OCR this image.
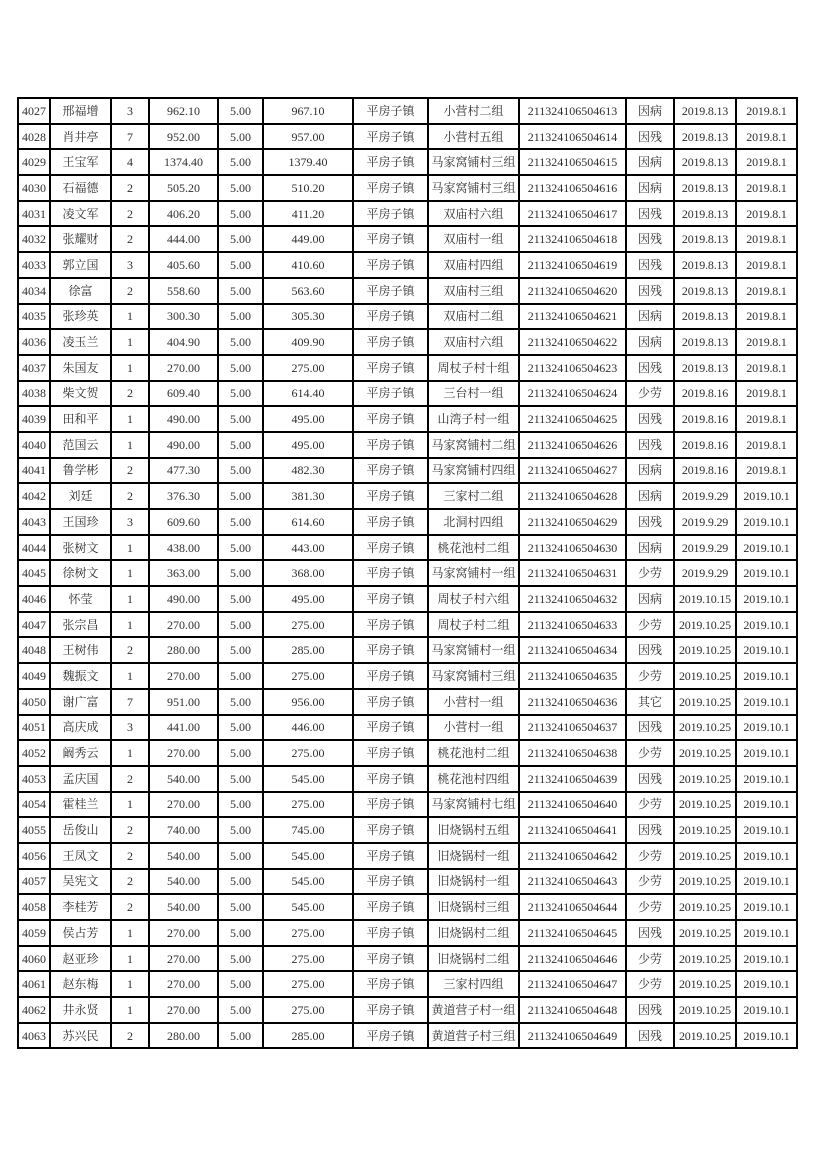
4027	邢福增	3	962.10	5.00	967.10	平房子镇	小营村二组	211324106504613	因病	2019.8.13	2019.8.1
4028	肖井亭	7	952.00	5.00	957.00	平房子镇	小营村五组	211324106504614	因残	2019.8.13	2019.8.1
4029	王宝军	4	1374.40	5.00	1379.40	平房子镇	马家窝铺村三组	211324106504615	因病	2019.8.13	2019.8.1
4030	石福德	2	505.20	5.00	510.20	平房子镇	马家窝铺村三组	211324106504616	因病	2019.8.13	2019.8.1
4031	凌文军	2	406.20	5.00	411.20	平房子镇	双庙村六组	211324106504617	因残	2019.8.13	2019.8.1
4032	张耀财	2	444.00	5.00	449.00	平房子镇	双庙村一组	211324106504618	因残	2019.8.13	2019.8.1
4033	郭立国	3	405.60	5.00	410.60	平房子镇	双庙村四组	211324106504619	因残	2019.8.13	2019.8.1
4034	徐富	2	558.60	5.00	563.60	平房子镇	双庙村三组	211324106504620	因残	2019.8.13	2019.8.1
4035	张珍英	1	300.30	5.00	305.30	平房子镇	双庙村二组	211324106504621	因病	2019.8.13	2019.8.1
4036	凌玉兰	1	404.90	5.00	409.90	平房子镇	双庙村六组	211324106504622	因病	2019.8.13	2019.8.1
4037	朱国友	1	270.00	5.00	275.00	平房子镇	周杖子村十组	211324106504623	因残	2019.8.13	2019.8.1
4038	柴文贺	2	609.40	5.00	614.40	平房子镇	三台村一组	211324106504624	少劳	2019.8.16	2019.8.1
4039	田和平	1	490.00	5.00	495.00	平房子镇	山湾子村一组	211324106504625	因残	2019.8.16	2019.8.1
4040	范国云	1	490.00	5.00	495.00	平房子镇	马家窝铺村二组	211324106504626	因残	2019.8.16	2019.8.1
4041	鲁学彬	2	477.30	5.00	482.30	平房子镇	马家窝铺村四组	211324106504627	因病	2019.8.16	2019.8.1
4042	刘廷	2	376.30	5.00	381.30	平房子镇	三家村二组	211324106504628	因病	2019.9.29	2019.10.1
4043	王国珍	3	609.60	5.00	614.60	平房子镇	北洞村四组	211324106504629	因残	2019.9.29	2019.10.1
4044	张树文	1	438.00	5.00	443.00	平房子镇	桃花池村二组	211324106504630	因病	2019.9.29	2019.10.1
4045	徐树文	1	363.00	5.00	368.00	平房子镇	马家窝铺村一组	211324106504631	少劳	2019.9.29	2019.10.1
4046	怀莹	1	490.00	5.00	495.00	平房子镇	周杖子村六组	211324106504632	因病	2019.10.15	2019.10.1
4047	张宗昌	1	270.00	5.00	275.00	平房子镇	周杖子村二组	211324106504633	少劳	2019.10.25	2019.10.1
4048	王树伟	2	280.00	5.00	285.00	平房子镇	马家窝铺村一组	211324106504634	因残	2019.10.25	2019.10.1
4049	魏振文	1	270.00	5.00	275.00	平房子镇	马家窝铺村三组	211324106504635	少劳	2019.10.25	2019.10.1
4050	谢广富	7	951.00	5.00	956.00	平房子镇	小营村一组	211324106504636	其它	2019.10.25	2019.10.1
4051	高庆成	3	441.00	5.00	446.00	平房子镇	小营村一组	211324106504637	因残	2019.10.25	2019.10.1
4052	阚秀云	1	270.00	5.00	275.00	平房子镇	桃花池村二组	211324106504638	少劳	2019.10.25	2019.10.1
4053	孟庆国	2	540.00	5.00	545.00	平房子镇	桃花池村四组	211324106504639	因残	2019.10.25	2019.10.1
4054	霍桂兰	1	270.00	5.00	275.00	平房子镇	马家窝铺村七组	211324106504640	少劳	2019.10.25	2019.10.1
4055	岳俊山	2	740.00	5.00	745.00	平房子镇	旧烧锅村五组	211324106504641	因残	2019.10.25	2019.10.1
4056	王凤文	2	540.00	5.00	545.00	平房子镇	旧烧锅村一组	211324106504642	少劳	2019.10.25	2019.10.1
4057	吴宪文	2	540.00	5.00	545.00	平房子镇	旧烧锅村一组	211324106504643	少劳	2019.10.25	2019.10.1
4058	李桂芳	2	540.00	5.00	545.00	平房子镇	旧烧锅村三组	211324106504644	少劳	2019.10.25	2019.10.1
4059	侯占芳	1	270.00	5.00	275.00	平房子镇	旧烧锅村二组	211324106504645	因残	2019.10.25	2019.10.1
4060	赵亚珍	1	270.00	5.00	275.00	平房子镇	旧烧锅村二组	211324106504646	少劳	2019.10.25	2019.10.1
4061	赵东梅	1	270.00	5.00	275.00	平房子镇	三家村四组	211324106504647	少劳	2019.10.25	2019.10.1
4062	井永贤	1	270.00	5.00	275.00	平房子镇	黄道营子村一组	211324106504648	因残	2019.10.25	2019.10.1
4063	苏兴民	2	280.00	5.00	285.00	平房子镇	黄道营子村三组	211324106504649	因残	2019.10.25	2019.10.1
